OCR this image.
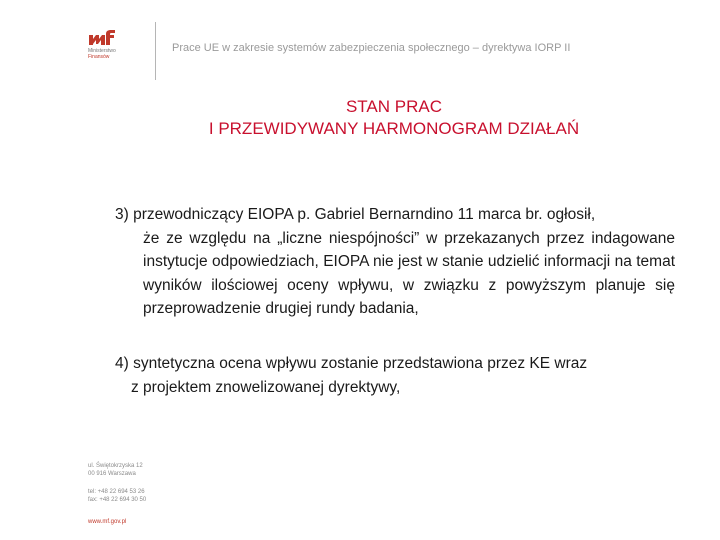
Ministerstwo
Finansów
Prace UE w zakresie systemów zabezpieczenia społecznego – dyrektywa IORP II
STAN PRAC
I PRZEWIDYWANY HARMONOGRAM DZIAŁAŃ
3) przewodniczący EIOPA p. Gabriel Bernarndino 11 marca br. ogłosił,
że ze względu na „liczne niespójności” w przekazanych przez indagowane instytucje odpowiedziach, EIOPA nie jest w stanie udzielić informacji na temat wyników ilościowej oceny wpływu, w związku z powyższym planuje się przeprowadzenie drugiej rundy badania,
4) syntetyczna ocena wpływu zostanie przedstawiona przez KE wraz
z projektem znowelizowanej dyrektywy,
ul. Świętokrzyska 12
00 916 Warszawa
tel: +48 22 694 53 26
fax: +48 22 694 30 50
www.mf.gov.pl
